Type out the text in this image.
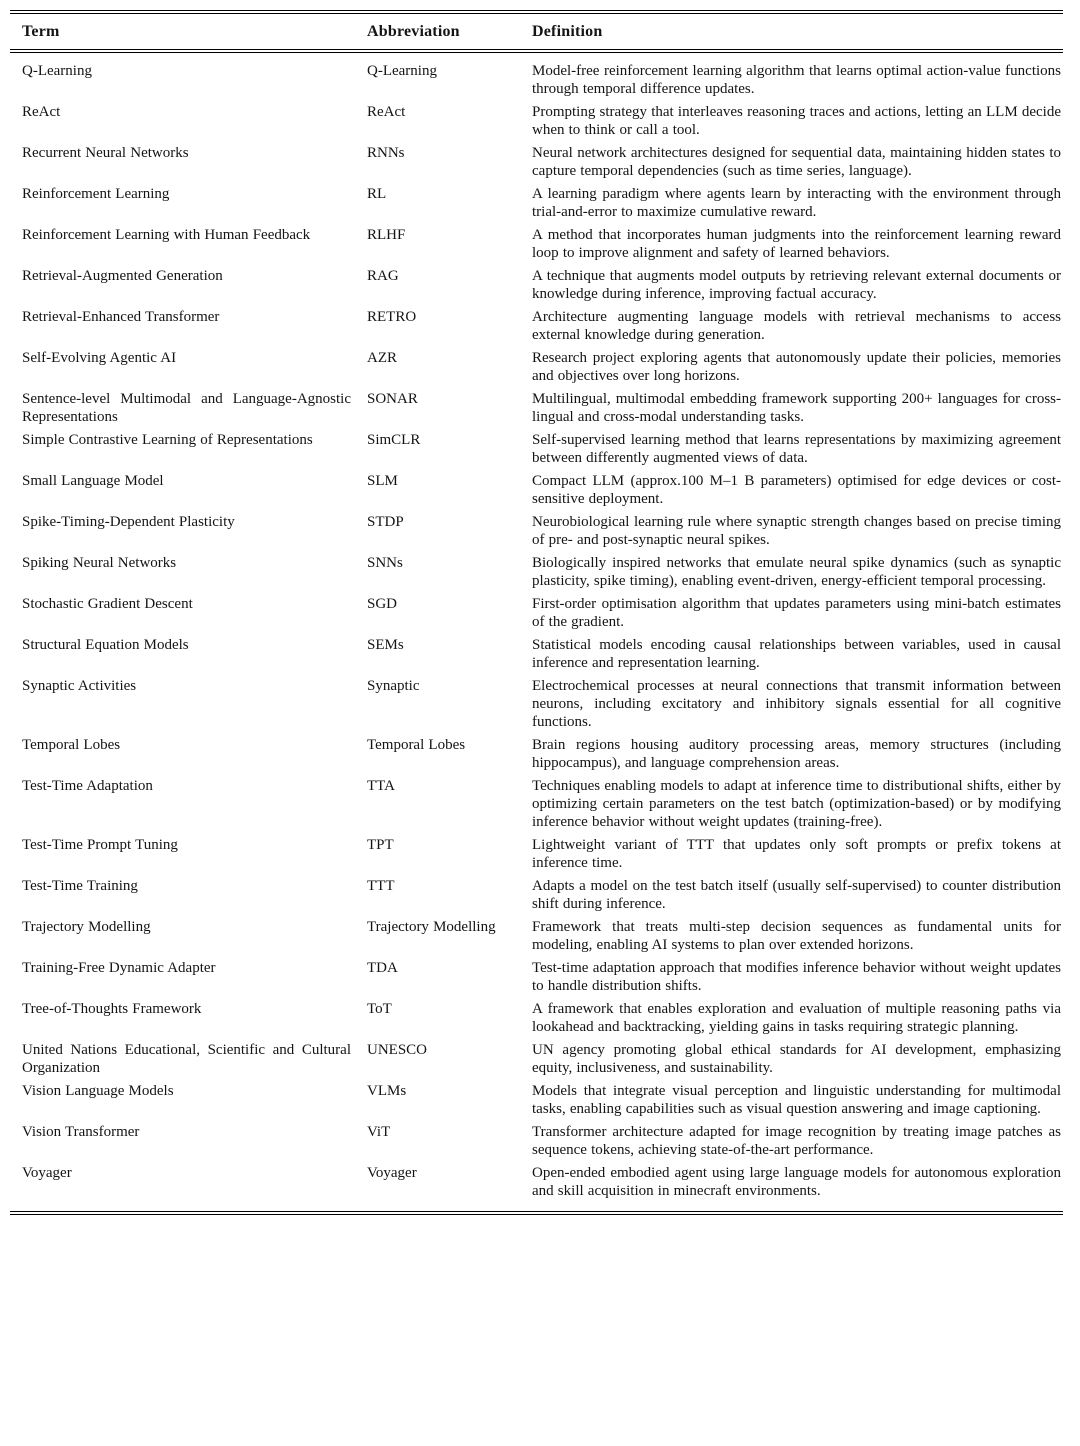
Term	Abbreviation	Definition
Q-Learning	Q-Learning	Model-free reinforcement learning algorithm that learns optimal action-value functions through temporal difference updates.
ReAct	ReAct	Prompting strategy that interleaves reasoning traces and actions, letting an LLM decide when to think or call a tool.
Recurrent Neural Networks	RNNs	Neural network architectures designed for sequential data, maintaining hidden states to capture temporal dependencies (such as time series, language).
Reinforcement Learning	RL	A learning paradigm where agents learn by interacting with the environment through trial-and-error to maximize cumulative reward.
Reinforcement Learning with Human Feedback	RLHF	A method that incorporates human judgments into the reinforcement learning reward loop to improve alignment and safety of learned behaviors.
Retrieval-Augmented Generation	RAG	A technique that augments model outputs by retrieving relevant external documents or knowledge during inference, improving factual accuracy.
Retrieval-Enhanced Transformer	RETRO	Architecture augmenting language models with retrieval mechanisms to access external knowledge during generation.
Self-Evolving Agentic AI	AZR	Research project exploring agents that autonomously update their policies, memories and objectives over long horizons.
Sentence-level Multimodal and Language-Agnostic Representations	SONAR	Multilingual, multimodal embedding framework supporting 200+ languages for cross-lingual and cross-modal understanding tasks.
Simple Contrastive Learning of Representations	SimCLR	Self-supervised learning method that learns representations by maximizing agreement between differently augmented views of data.
Small Language Model	SLM	Compact LLM (approx.100 M–1 B parameters) optimised for edge devices or cost-sensitive deployment.
Spike-Timing-Dependent Plasticity	STDP	Neurobiological learning rule where synaptic strength changes based on precise timing of pre- and post-synaptic neural spikes.
Spiking Neural Networks	SNNs	Biologically inspired networks that emulate neural spike dynamics (such as synaptic plasticity, spike timing), enabling event-driven, energy-efficient temporal processing.
Stochastic Gradient Descent	SGD	First-order optimisation algorithm that updates parameters using mini-batch estimates of the gradient.
Structural Equation Models	SEMs	Statistical models encoding causal relationships between variables, used in causal inference and representation learning.
Synaptic Activities	Synaptic	Electrochemical processes at neural connections that transmit information between neurons, including excitatory and inhibitory signals essential for all cognitive functions.
Temporal Lobes	Temporal Lobes	Brain regions housing auditory processing areas, memory structures (including hippocampus), and language comprehension areas.
Test-Time Adaptation	TTA	Techniques enabling models to adapt at inference time to distributional shifts, either by optimizing certain parameters on the test batch (optimization-based) or by modifying inference behavior without weight updates (training-free).
Test-Time Prompt Tuning	TPT	Lightweight variant of TTT that updates only soft prompts or prefix tokens at inference time.
Test-Time Training	TTT	Adapts a model on the test batch itself (usually self-supervised) to counter distribution shift during inference.
Trajectory Modelling	Trajectory Modelling	Framework that treats multi-step decision sequences as fundamental units for modeling, enabling AI systems to plan over extended horizons.
Training-Free Dynamic Adapter	TDA	Test-time adaptation approach that modifies inference behavior without weight updates to handle distribution shifts.
Tree-of-Thoughts Framework	ToT	A framework that enables exploration and evaluation of multiple reasoning paths via lookahead and backtracking, yielding gains in tasks requiring strategic planning.
United Nations Educational, Scientific and Cultural Organization	UNESCO	UN agency promoting global ethical standards for AI development, emphasizing equity, inclusiveness, and sustainability.
Vision Language Models	VLMs	Models that integrate visual perception and linguistic understanding for multimodal tasks, enabling capabilities such as visual question answering and image captioning.
Vision Transformer	ViT	Transformer architecture adapted for image recognition by treating image patches as sequence tokens, achieving state-of-the-art performance.
Voyager	Voyager	Open-ended embodied agent using large language models for autonomous exploration and skill acquisition in minecraft environments.
